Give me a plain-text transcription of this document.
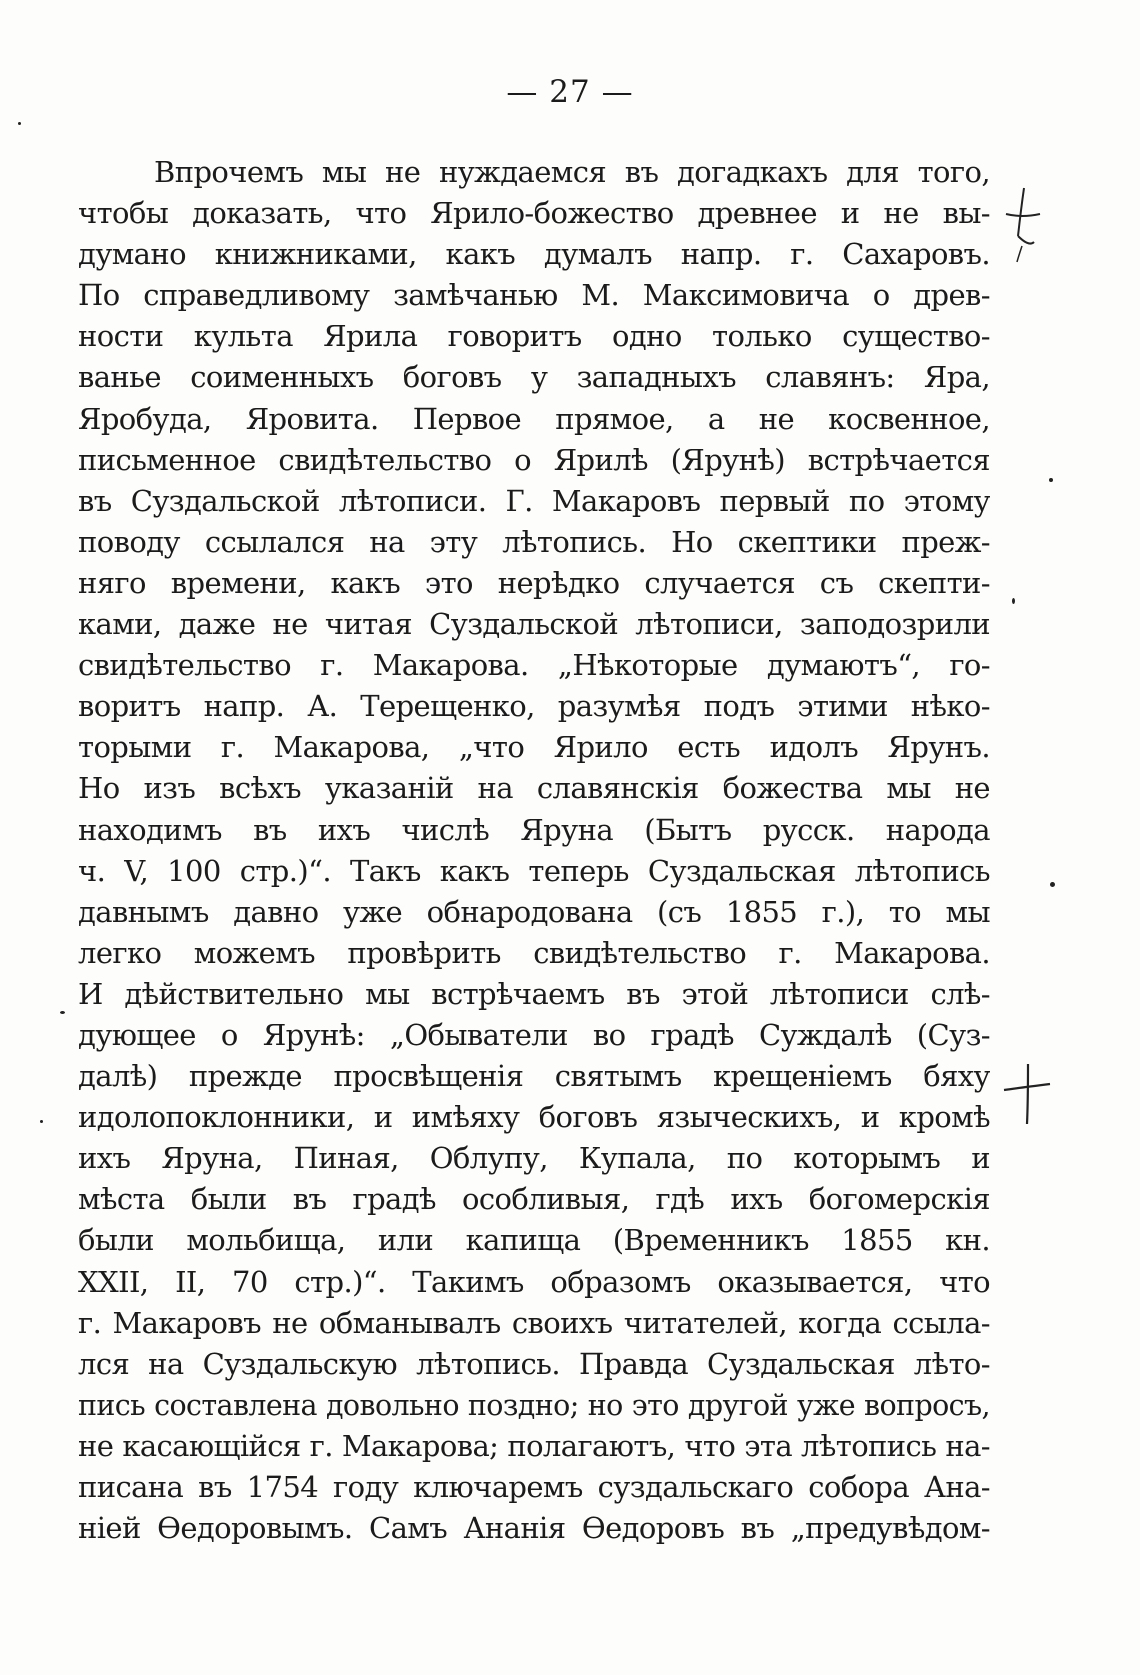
— 27 —
Впрочемъ мы не нуждаемся въ догадкахъ для того,
чтобы доказать, что Ярило-божество древнее и не вы-
думано книжниками, какъ думалъ напр. г. Сахаровъ.
По справедливому замѣчанью М. Максимовича о древ-
ности культа Ярила говоритъ одно только существо-
ванье соименныхъ боговъ у западныхъ славянъ: Яра,
Яробуда, Яровита. Первое прямое, а не косвенное,
письменное свидѣтельство о Ярилѣ (Ярунѣ) встрѣчается
въ Суздальской лѣтописи. Г. Макаровъ первый по этому
поводу ссылался на эту лѣтопись. Но скептики преж-
няго времени, какъ это нерѣдко случается съ скепти-
ками, даже не читая Суздальской лѣтописи, заподозрили
свидѣтельство г. Макарова. „Нѣкоторые думаютъ“, го-
воритъ напр. А. Терещенко, разумѣя подъ этими нѣко-
торыми г. Макарова, „что Ярило есть идолъ Ярунъ.
Но изъ всѣхъ указаній на славянскія божества мы не
находимъ въ ихъ числѣ Яруна (Бытъ русск. народа
ч. V, 100 стр.)“. Такъ какъ теперь Суздальская лѣтопись
давнымъ давно уже обнародована (съ 1855 г.), то мы
легко можемъ провѣрить свидѣтельство г. Макарова.
И дѣйствительно мы встрѣчаемъ въ этой лѣтописи слѣ-
дующее о Ярунѣ: „Обыватели во градѣ Суждалѣ (Суз-
далѣ) прежде просвѣщенія святымъ крещеніемъ бяху
идолопоклонники, и имѣяху боговъ языческихъ, и кромѣ
ихъ Яруна, Пиная, Облупу, Купала, по которымъ и
мѣста были въ градѣ особливыя, гдѣ ихъ богомерскія
были мольбища, или капища (Временникъ 1855 кн.
XXII, II, 70 стр.)“. Такимъ образомъ оказывается, что
г. Макаровъ не обманывалъ своихъ читателей, когда ссыла-
лся на Суздальскую лѣтопись. Правда Суздальская лѣто-
пись составлена довольно поздно; но это другой уже вопросъ,
не касающійся г. Макарова; полагаютъ, что эта лѣтопись на-
писана въ 1754 году ключаремъ суздальскаго собора Ана-
ніей Ѳедоровымъ. Самъ Ананія Ѳедоровъ въ „предувѣдом-
